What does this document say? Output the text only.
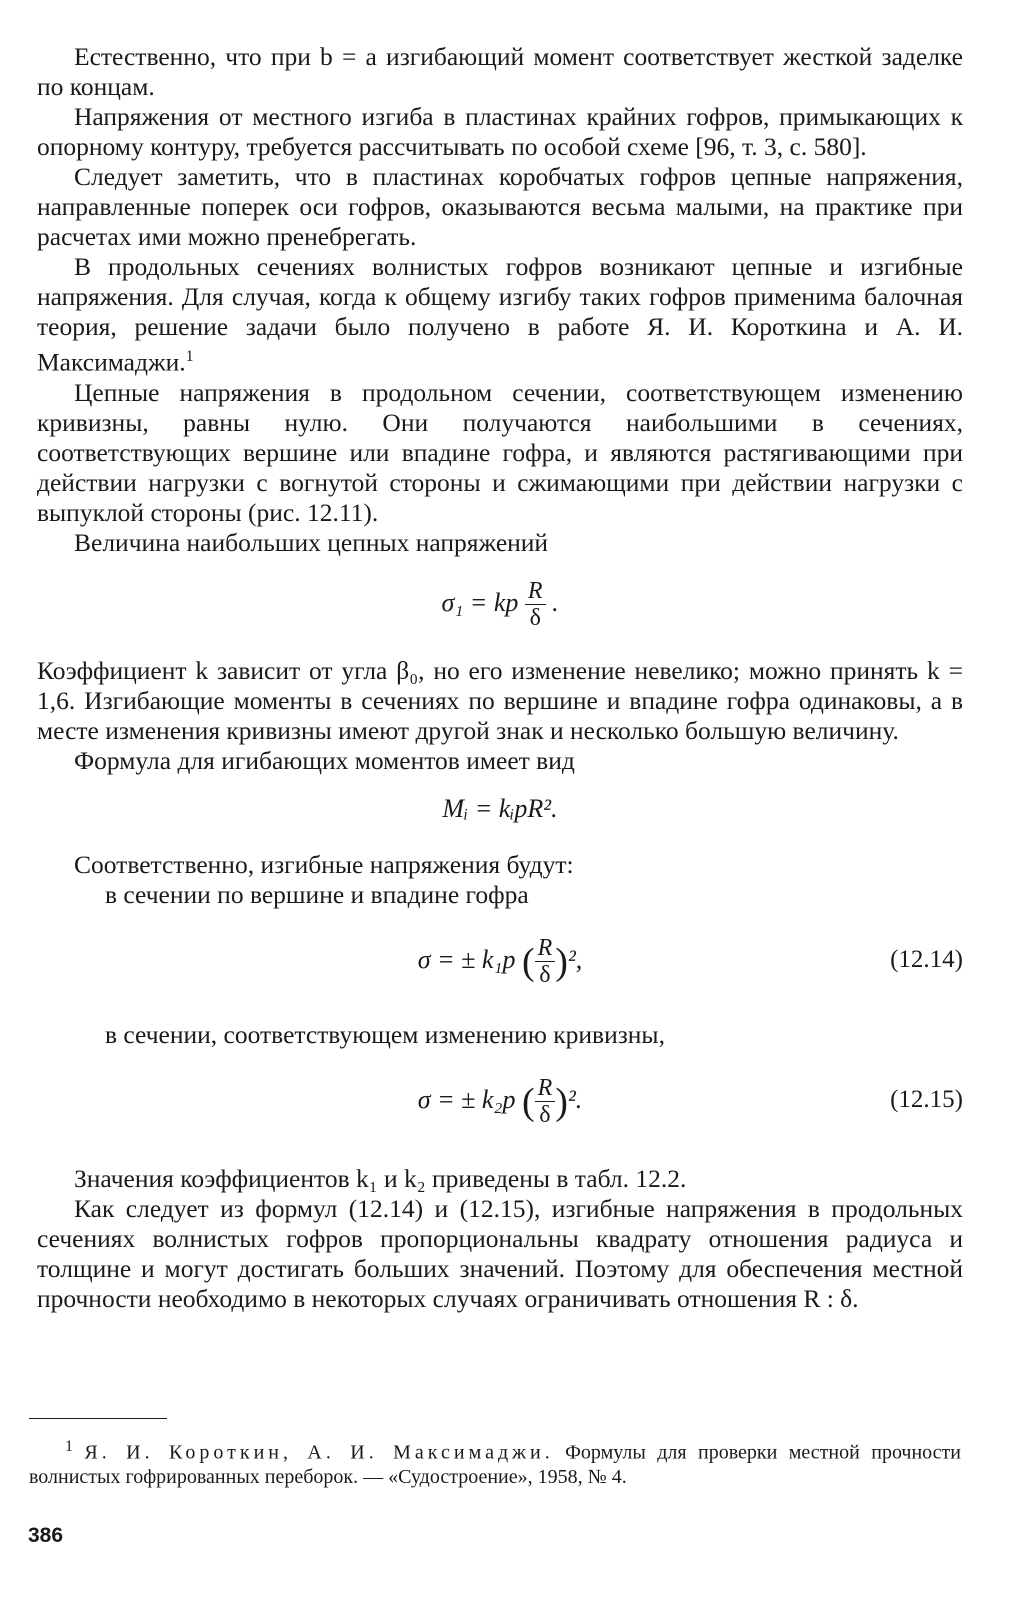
Естественно, что при b = a изгибающий момент соответствует жесткой заделке по концам.

Напряжения от местного изгиба в пластинах крайних гофров, примыкающих к опорному контуру, требуется рассчитывать по особой схеме [96, т. 3, с. 580].

Следует заметить, что в пластинах коробчатых гофров цепные напряжения, направленные поперек оси гофров, оказываются весьма малыми, на практике при расчетах ими можно пренебрегать.

В продольных сечениях волнистых гофров возникают цепные и изгибные напряжения. Для случая, когда к общему изгибу таких гофров применима балочная теория, решение задачи было получено в работе Я. И. Короткина и А. И. Максимаджи.$^1$

Цепные напряжения в продольном сечении, соответствующем изменению кривизны, равны нулю. Они получаются наибольшими в сечениях, соответствующих вершине или впадине гофра, и являются растягивающими при действии нагрузки с вогнутой стороны и сжимающими при действии нагрузки с выпуклой стороны (рис. 12.11).

Величина наибольших цепных напряжений

σ₁ = kp $\frac{R}{\delta}$ .

Коэффициент k зависит от угла β₀, но его изменение невелико; можно принять k = 1,6. Изгибающие моменты в сечениях по вершине и впадине гофра одинаковы, а в месте изменения кривизны имеют другой знак и несколько большую величину.

Формула для игибающих моментов имеет вид

Mᵢ = kᵢpR².

Соответственно, изгибные напряжения будут:

в сечении по вершине и впадине гофра

σ = ± k₁p ( $\frac{R}{\delta} )^2$,	(12.14)

в сечении, соответствующем изменению кривизны,

σ = ± k₂p ( $\frac{R}{\delta} )^2$.	(12.15)

Значения коэффициентов k₁ и k₂ приведены в табл. 12.2.

Как следует из формул (12.14) и (12.15), изгибные напряжения в продольных сечениях волнистых гофров пропорциональны квадрату отношения радиуса и толщине и могут достигать больших значений. Поэтому для обеспечения местной прочности необходимо в некоторых случаях ограничивать отношения R : δ.

$^1$ Я. И. Короткин, А. И. Максимаджи. Формулы для проверки местной прочности волнистых гофрированных переборок. — «Судостроение», 1958, № 4.

386
